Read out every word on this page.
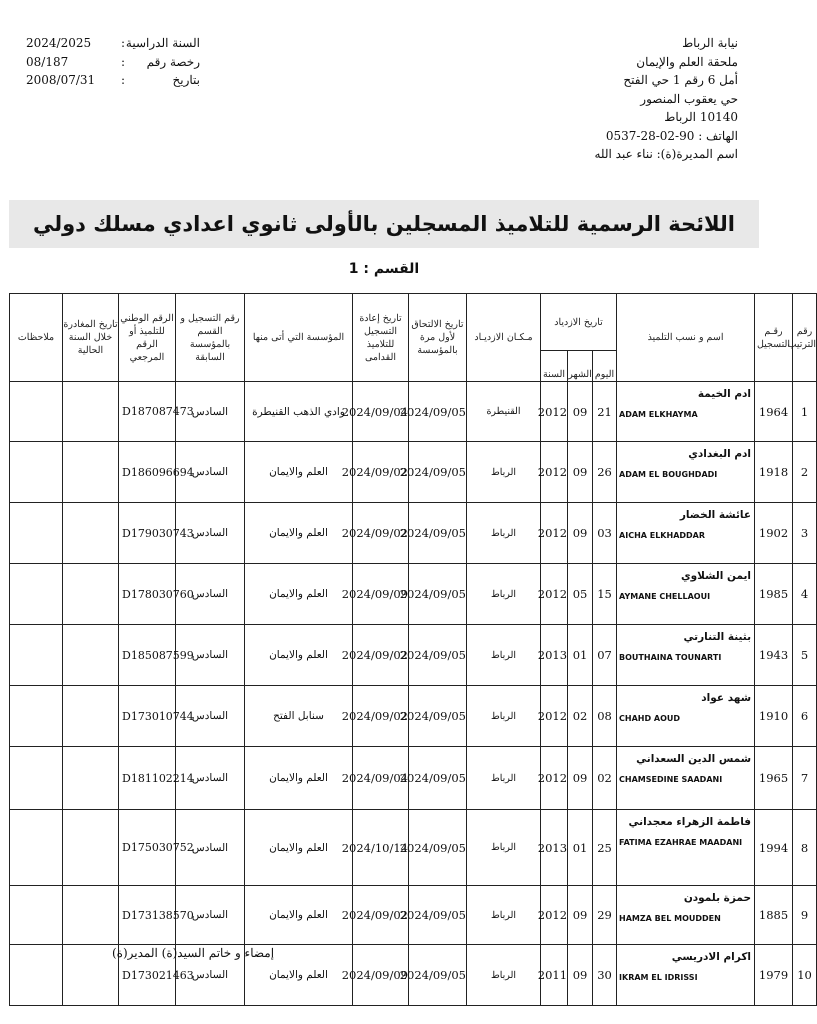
نيابة الرباط
ملحقة العلم والإيمان
أمل 6 رقم 1 حي الفتح
حي يعقوب المنصور
10140 الرباط
الهاتف : 0537-28-02-90
اسم المديرة(ة): نناء عبد الله
السنة الدراسية
:
2024/2025
رخصة رقم
:
08/187
بتاريخ
:
2008/07/31
اللائحة الرسمية للتلاميذ المسجلين بالأولى ثانوي اعدادي مسلك دولي
القسم : 1
رقم الترتيب	رقـم التسجيل	اسم و نسب التلميذ	تاريخ الازدياد			مـكـان الازديـاد	تاريخ الالتحاق لأول مرة بالمؤسسة	تاريخ إعادة التسجيل للتلاميذ القدامى	المؤسسة التي أتى منها	رقم التسجيل و القسم بالمؤسسة السابقة	الرقم الوطني للتلميذ أو الرقم المرجعي	تاريخ المغادرة خلال السنة الحالية	ملاحظات
			اليوم	الشهر	السنة								
1	1964	ادم الخيمة
ADAM ELKHAYMA	21	09	2012	القنيطرة	2024/09/05	2024/09/04	وادي الذهب القنيطرة	السادس	D187087473		
2	1918	ادم البغدادي
ADAM EL BOUGHDADI	26	09	2012	الرباط	2024/09/05	2024/09/02	العلم والايمان	السادس	D186096694		
3	1902	عائشة الخضار
AICHA ELKHADDAR	03	09	2012	الرباط	2024/09/05	2024/09/02	العلم والايمان	السادس	D179030743		
4	1985	ايمن الشلاوي
AYMANE CHELLAOUI	15	05	2012	الرباط	2024/09/05	2024/09/09	العلم والايمان	السادس	D178030760		
5	1943	بثينة التنارتي
BOUTHAINA TOUNARTI	07	01	2013	الرباط	2024/09/05	2024/09/02	العلم والايمان	السادس	D185087599		
6	1910	شهد عواد
CHAHD AOUD	08	02	2012	الرباط	2024/09/05	2024/09/02	سنابل الفتح	السادس	D173010744		
7	1965	شمس الدين السعداني
CHAMSEDINE SAADANI	02	09	2012	الرباط	2024/09/05	2024/09/04	العلم والايمان	السادس	D181102214		
8	1994	فاطمة الزهراء معجداني
FATIMA EZAHRAE MAADANI	25	01	2013	الرباط	2024/09/05	2024/10/14	العلم والايمان	السادس	D175030752		
9	1885	حمزة بلمودن
HAMZA BEL MOUDDEN	29	09	2012	الرباط	2024/09/05	2024/09/02	العلم والايمان	السادس	D173138570		
10	1979	اكرام الادريسي
IKRAM EL IDRISSI	30	09	2011	الرباط	2024/09/05	2024/09/09	العلم والايمان	السادس	D173021463		
إمضاء و خاتم السيد(ة) المدير(ة)
